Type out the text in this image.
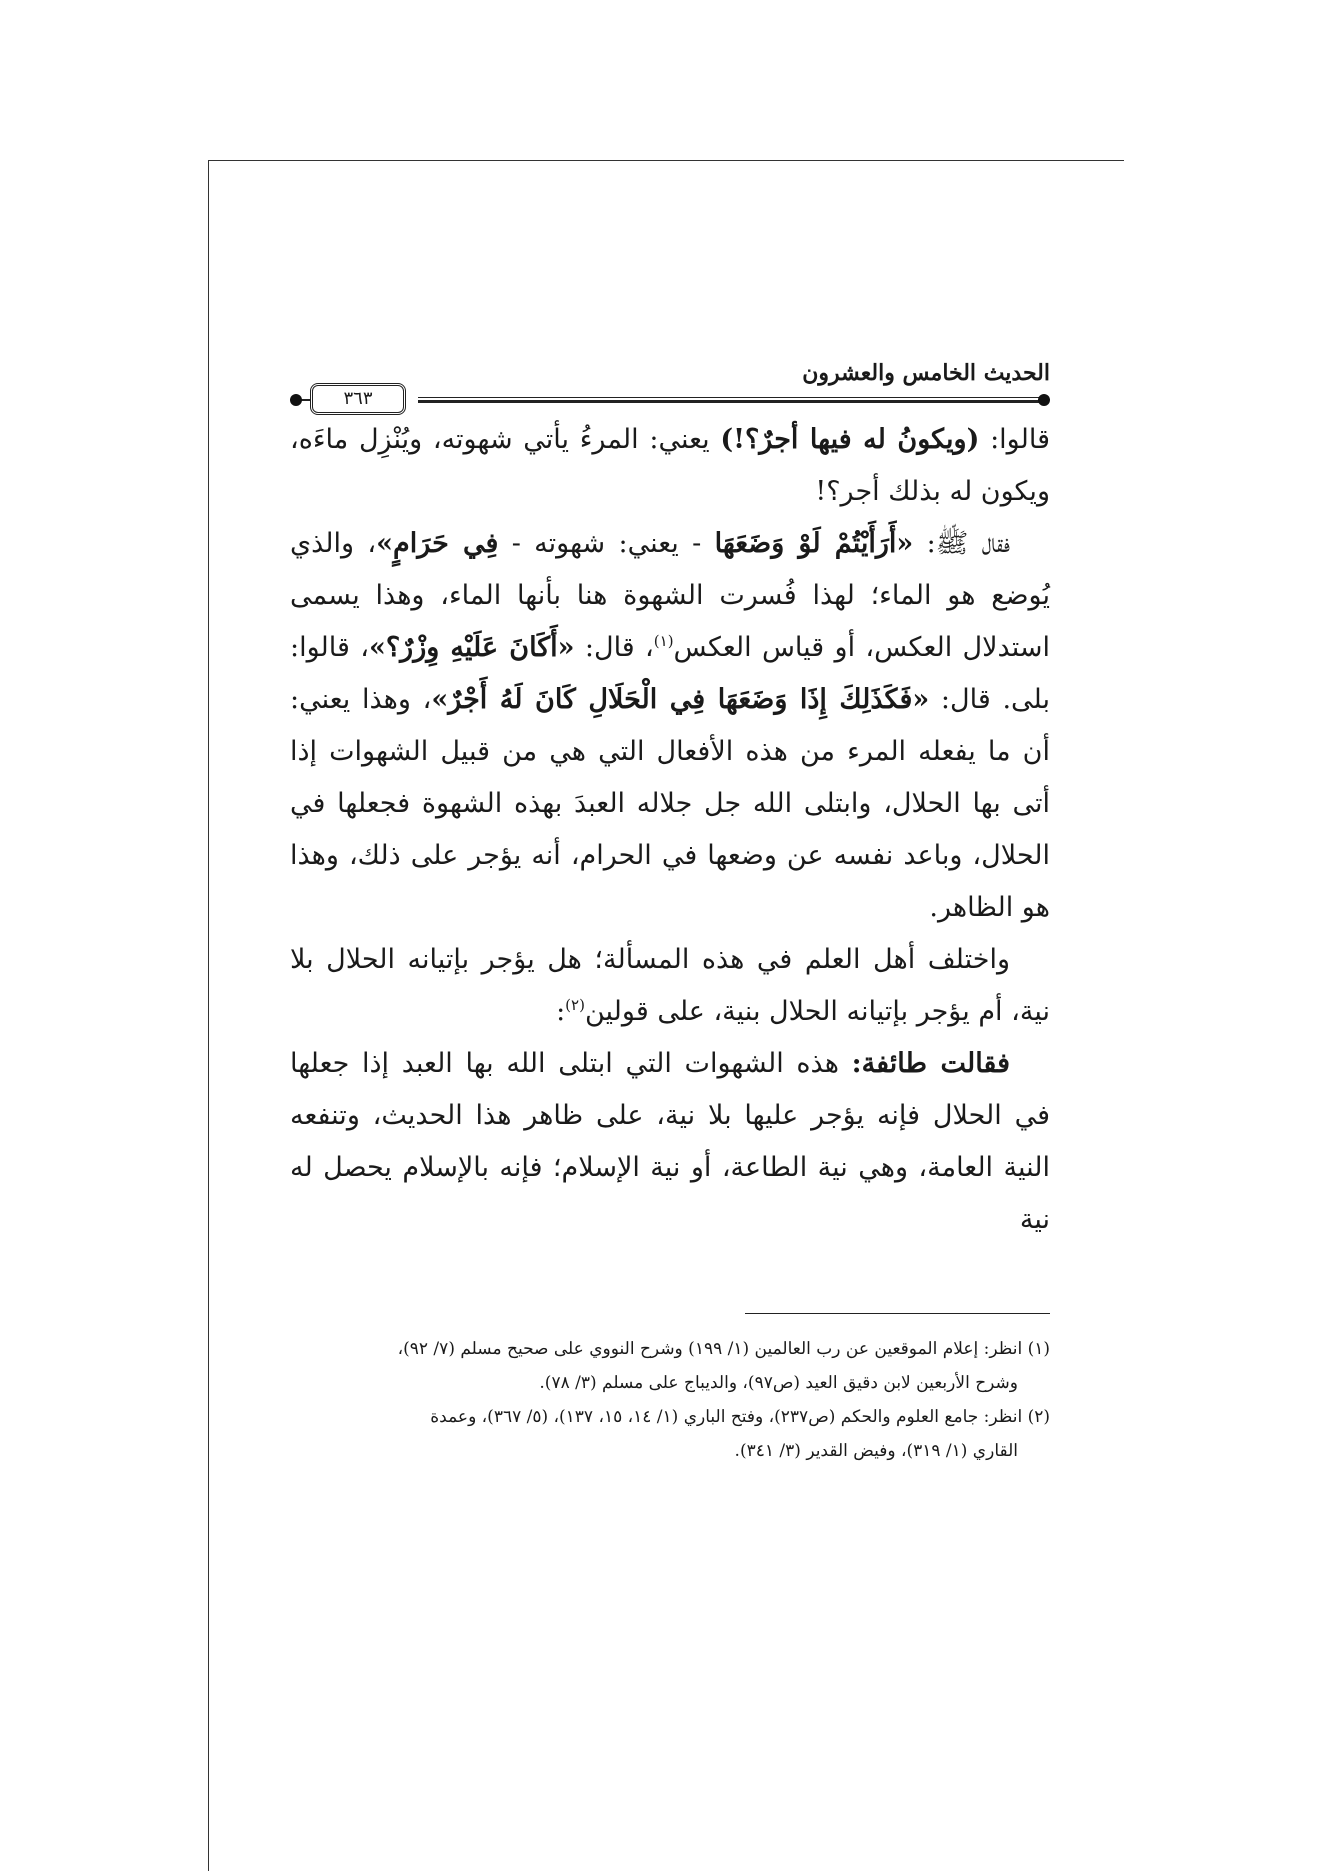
الحديث الخامس والعشرون
٣٦٣

قالوا: (ويكونُ له فيها أجرٌ؟!) يعني: المرءُ يأتي شهوته، ويُنْزِل ماءَه، ويكون له بذلك أجر؟!

فقال ﷺ: «أَرَأَيْتُمْ لَوْ وَضَعَهَا - يعني: شهوته - فِي حَرَامٍ»، والذي يُوضع هو الماء؛ لهذا فُسرت الشهوة هنا بأنها الماء، وهذا يسمى استدلال العكس، أو قياس العكس$^{(١)}$، قال: «أَكَانَ عَلَيْهِ وِزْرٌ؟»، قالوا: بلى. قال: «فَكَذَلِكَ إِذَا وَضَعَهَا فِي الْحَلَالِ كَانَ لَهُ أَجْرٌ»، وهذا يعني: أن ما يفعله المرء من هذه الأفعال التي هي من قبيل الشهوات إذا أتى بها الحلال، وابتلى الله جل جلاله العبدَ بهذه الشهوة فجعلها في الحلال، وباعد نفسه عن وضعها في الحرام، أنه يؤجر على ذلك، وهذا هو الظاهر.

واختلف أهل العلم في هذه المسألة؛ هل يؤجر بإتيانه الحلال بلا نية، أم يؤجر بإتيانه الحلال بنية، على قولين$^{(٢)}$:

فقالت طائفة: هذه الشهوات التي ابتلى الله بها العبد إذا جعلها في الحلال فإنه يؤجر عليها بلا نية، على ظاهر هذا الحديث، وتنفعه النية العامة، وهي نية الطاعة، أو نية الإسلام؛ فإنه بالإسلام يحصل له نية

(١) انظر: إعلام الموقعين عن رب العالمين (١/ ١٩٩) وشرح النووي على صحيح مسلم (٧/ ٩٢)،

وشرح الأربعين لابن دقيق العيد (ص٩٧)، والديباج على مسلم (٣/ ٧٨).

(٢) انظر: جامع العلوم والحكم (ص٢٣٧)، وفتح الباري (١/ ١٤، ١٥، ١٣٧)، (٥/ ٣٦٧)، وعمدة

القاري (١/ ٣١٩)، وفيض القدير (٣/ ٣٤١).
